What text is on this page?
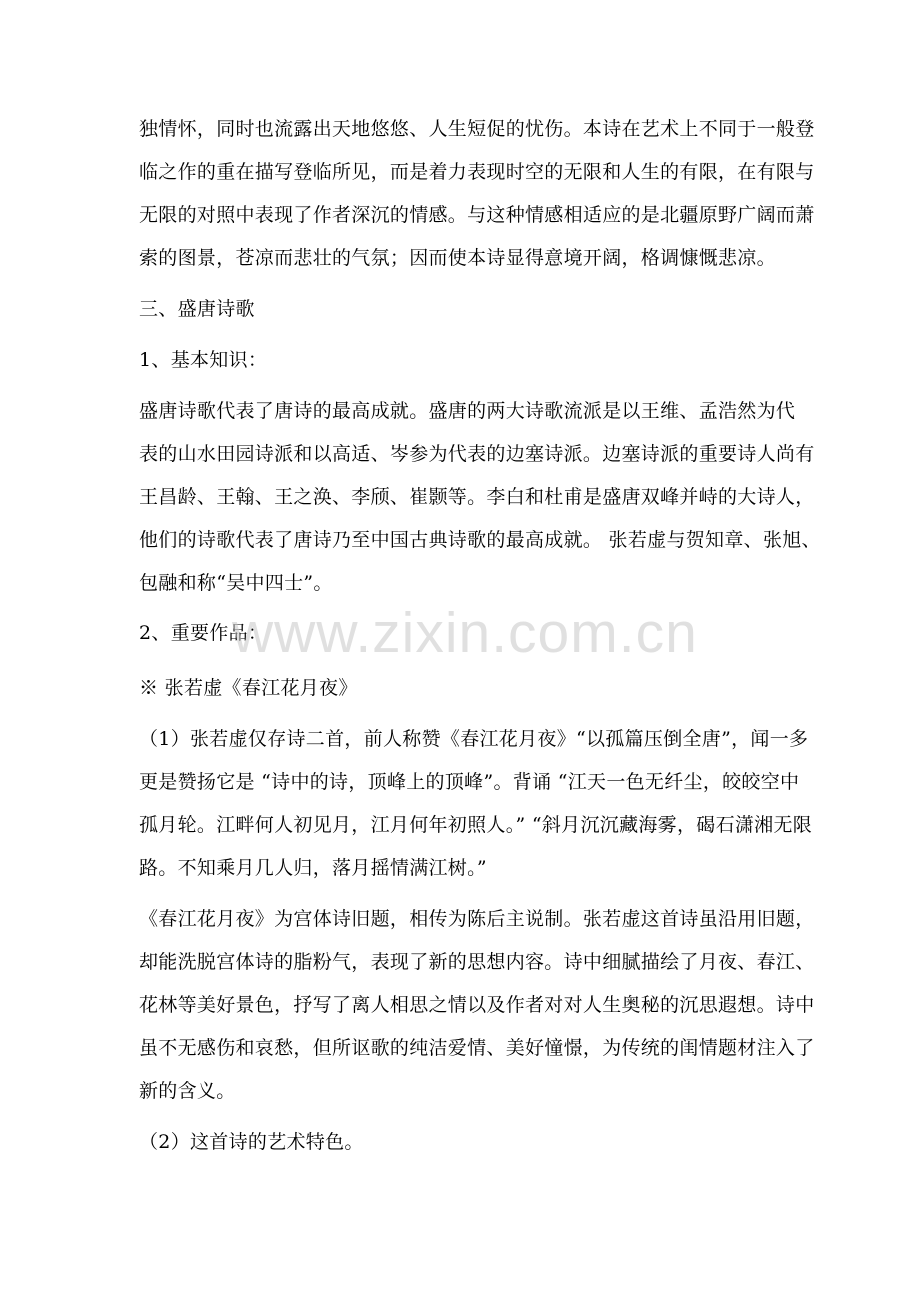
独情怀，同时也流露出天地悠悠、人生短促的忧伤。本诗在艺术上不同于一般登
临之作的重在描写登临所见，而是着力表现时空的无限和人生的有限，在有限与
无限的对照中表现了作者深沉的情感。与这种情感相适应的是北疆原野广阔而萧
索的图景，苍凉而悲壮的气氛；因而使本诗显得意境开阔，格调慷慨悲凉。
三、盛唐诗歌
1、基本知识：
盛唐诗歌代表了唐诗的最高成就。盛唐的两大诗歌流派是以王维、孟浩然为代
表的山水田园诗派和以高适、岑参为代表的边塞诗派。边塞诗派的重要诗人尚有
王昌龄、王翰、王之涣、李颀、崔颢等。李白和杜甫是盛唐双峰并峙的大诗人，
他们的诗歌代表了唐诗乃至中国古典诗歌的最高成就。 张若虚与贺知章、张旭、
包融和称“吴中四士”。
2、重要作品：
※ 张若虚《春江花月夜》
（1）张若虚仅存诗二首，前人称赞《春江花月夜》“以孤篇压倒全唐”，闻一多
更是赞扬它是 “诗中的诗，顶峰上的顶峰”。背诵 “江天一色无纤尘，皎皎空中
孤月轮。江畔何人初见月，江月何年初照人。” “斜月沉沉藏海雾，碣石潇湘无限
路。不知乘月几人归，落月摇情满江树。”
《春江花月夜》为宫体诗旧题，相传为陈后主说制。张若虚这首诗虽沿用旧题，
却能洗脱宫体诗的脂粉气，表现了新的思想内容。诗中细腻描绘了月夜、春江、
花林等美好景色，抒写了离人相思之情以及作者对对人生奥秘的沉思遐想。诗中
虽不无感伤和哀愁，但所讴歌的纯洁爱情、美好憧憬，为传统的闺情题材注入了
新的含义。
（2）这首诗的艺术特色。
www.zixin.com.cn
